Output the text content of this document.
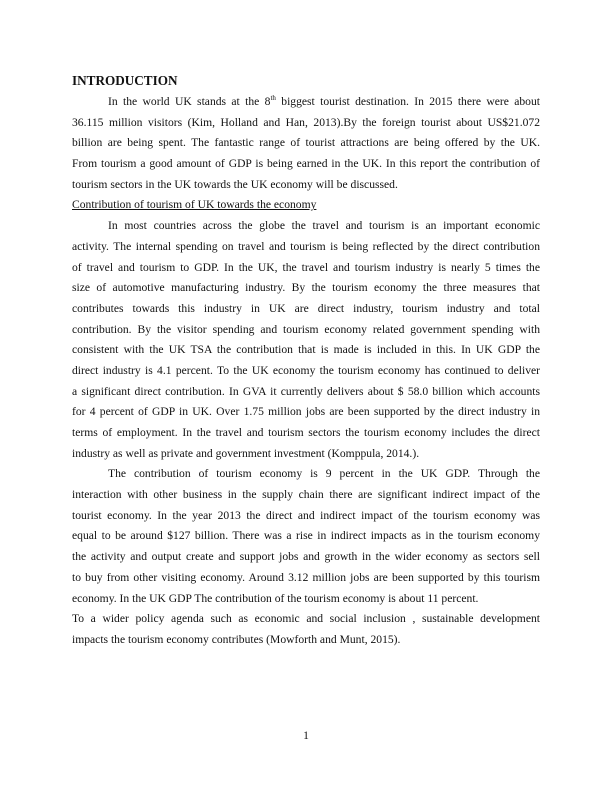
INTRODUCTION
In the world UK stands at the 8th biggest tourist destination. In 2015 there were about
36.115 million visitors (Kim, Holland and Han, 2013).By the foreign tourist about US$21.072
billion are being spent. The fantastic range of tourist attractions are being offered by the UK.
From tourism a good amount of GDP is being earned in the UK. In this report the contribution of
tourism sectors in the UK towards the UK economy will be discussed.
Contribution of tourism of UK towards the economy
In most countries across the globe the travel and tourism is an important economic
activity. The internal spending on travel and tourism is being reflected by the direct contribution
of travel and tourism to GDP. In the UK, the travel and tourism industry is nearly 5 times the
size of automotive manufacturing industry. By the tourism economy the three measures that
contributes towards this industry in UK are direct industry, tourism industry and total
contribution. By the visitor spending and tourism economy related government spending with
consistent with the UK TSA the contribution that is made is included in this. In UK GDP the
direct industry is 4.1 percent. To the UK economy the tourism economy has continued to deliver
a significant direct contribution. In GVA it currently delivers about $ 58.0 billion which accounts
for 4 percent of GDP in UK. Over 1.75 million jobs are been supported by the direct industry in
terms of employment. In the travel and tourism sectors the tourism economy includes the direct
industry as well as private and government investment (Komppula, 2014.).
The contribution of tourism economy is 9 percent in the UK GDP. Through the
interaction with other business in the supply chain there are significant indirect impact of the
tourist economy. In the year 2013 the direct and indirect impact of the tourism economy was
equal to be around $127 billion. There was a rise in indirect impacts as in the tourism economy
the activity and output create and support jobs and growth in the wider economy as sectors sell
to buy from other visiting economy. Around 3.12 million jobs are been supported by this tourism
economy. In the UK GDP The contribution of the tourism economy is about 11 percent.
To a wider policy agenda such as economic and social inclusion , sustainable development
impacts the tourism economy contributes (Mowforth and Munt, 2015).
1
